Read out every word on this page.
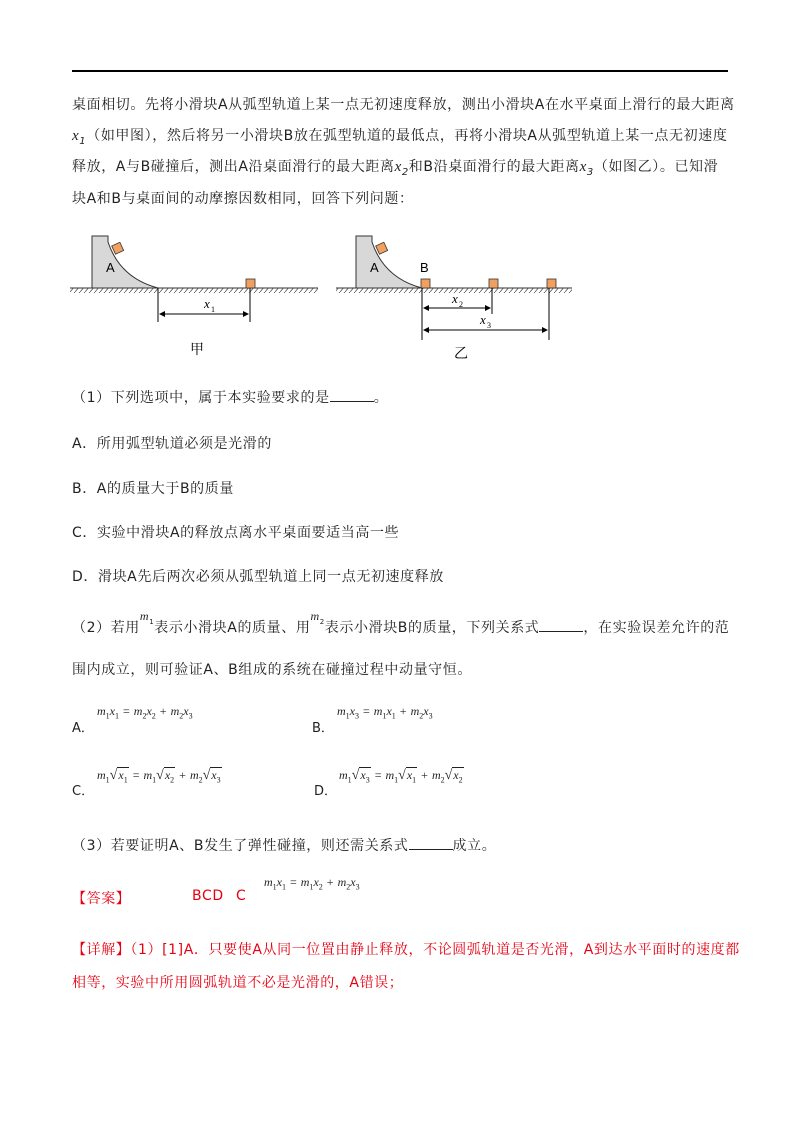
桌面相切。先将小滑块A从弧型轨道上某一点无初速度释放，测出小滑块A在水平桌面上滑行的最大距离
$x_1$（如甲图），然后将另一小滑块B放在弧型轨道的最低点，再将小滑块A从弧型轨道上某一点无初速度
释放，A与B碰撞后，测出A沿桌面滑行的最大距离$x_2$和B沿桌面滑行的最大距离$x_3$（如图乙）。已知滑
块A和B与桌面间的动摩擦因数相同，回答下列问题：
A
x 1
甲
A	B
x 2
x 3
乙
（1）下列选项中，属于本实验要求的是	。
A．所用弧型轨道必须是光滑的
B．A的质量大于B的质量
C．实验中滑块A的释放点离水平桌面要适当高一些
D．滑块A先后两次必须从弧型轨道上同一点无初速度释放
（2）若用$m_1$表示小滑块A的质量、用$m_2$表示小滑块B的质量，下列关系式	，在实验误差允许的范
围内成立，则可验证A、B组成的系统在碰撞过程中动量守恒。
A．
$m_1x_1 = m_2x_2 + m_2x_3$
B．
$m_1x_3 = m_1x_1 + m_2x_3$
C．
$m_1√x_1 = m_1√x_2 + m_2√x_3$
D．
$m_1√x_3 = m_1√x_1 + m_2√x_2$
（3）若要证明A、B发生了弹性碰撞，则还需关系式	成立。
【答案】	BCD C
$m_1x_1 = m_1x_2 + m_2x_3$
【详解】（1）[1]A．只要使A从同一位置由静止释放，不论圆弧轨道是否光滑，A到达水平面时的速度都
相等，实验中所用圆弧轨道不必是光滑的，A错误；
